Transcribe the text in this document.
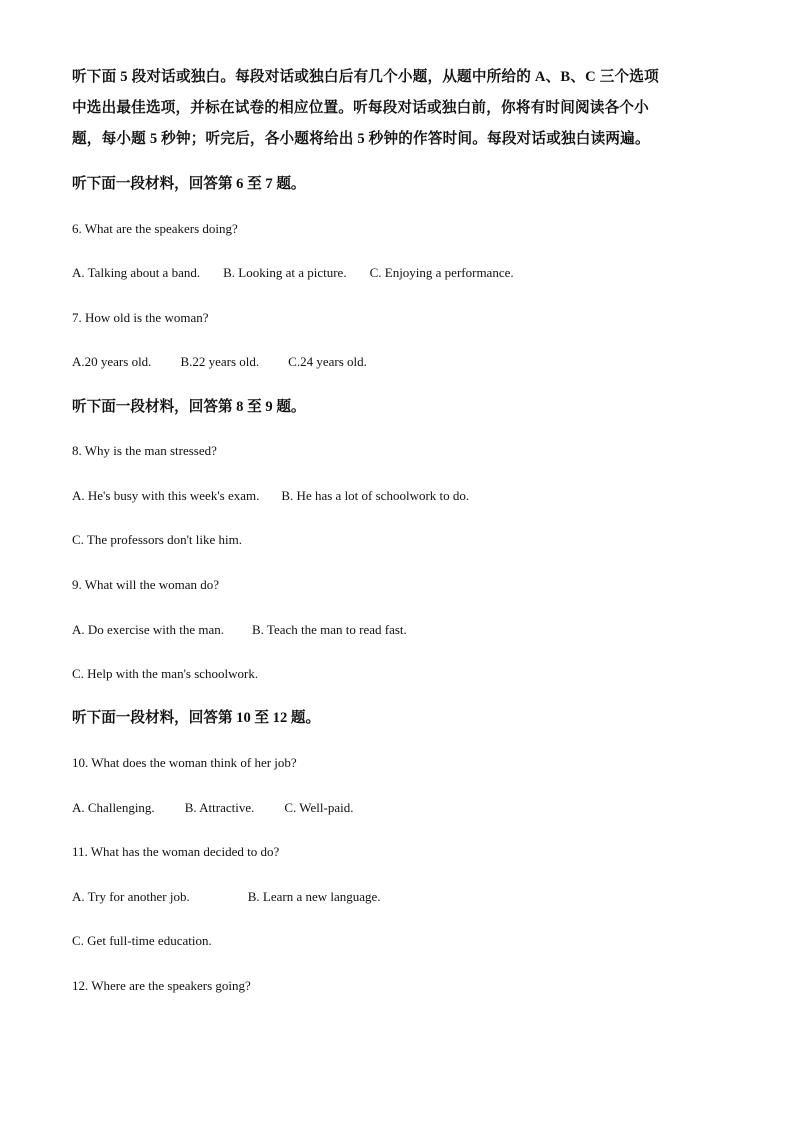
听下面 5 段对话或独白。每段对话或独白后有几个小题，从题中所给的 A、B、C 三个选项
中选出最佳选项，并标在试卷的相应位置。听每段对话或独白前，你将有时间阅读各个小
题，每小题 5 秒钟；听完后，各小题将给出 5 秒钟的作答时间。每段对话或独白读两遍。
听下面一段材料，回答第 6 至 7 题。
6. What are the speakers doing?
A. Talking about a band. B. Looking at a picture. C. Enjoying a performance.
7. How old is the woman?
A.20 years old. B.22 years old. C.24 years old.
听下面一段材料，回答第 8 至 9 题。
8. Why is the man stressed?
A. He's busy with this week's exam. B. He has a lot of schoolwork to do.
C. The professors don't like him.
9. What will the woman do?
A. Do exercise with the man. B. Teach the man to read fast.
C. Help with the man's schoolwork.
听下面一段材料，回答第 10 至 12 题。
10. What does the woman think of her job?
A. Challenging. B. Attractive. C. Well-paid.
11. What has the woman decided to do?
A. Try for another job.	B. Learn a new language.
C. Get full-time education.
12. Where are the speakers going?
